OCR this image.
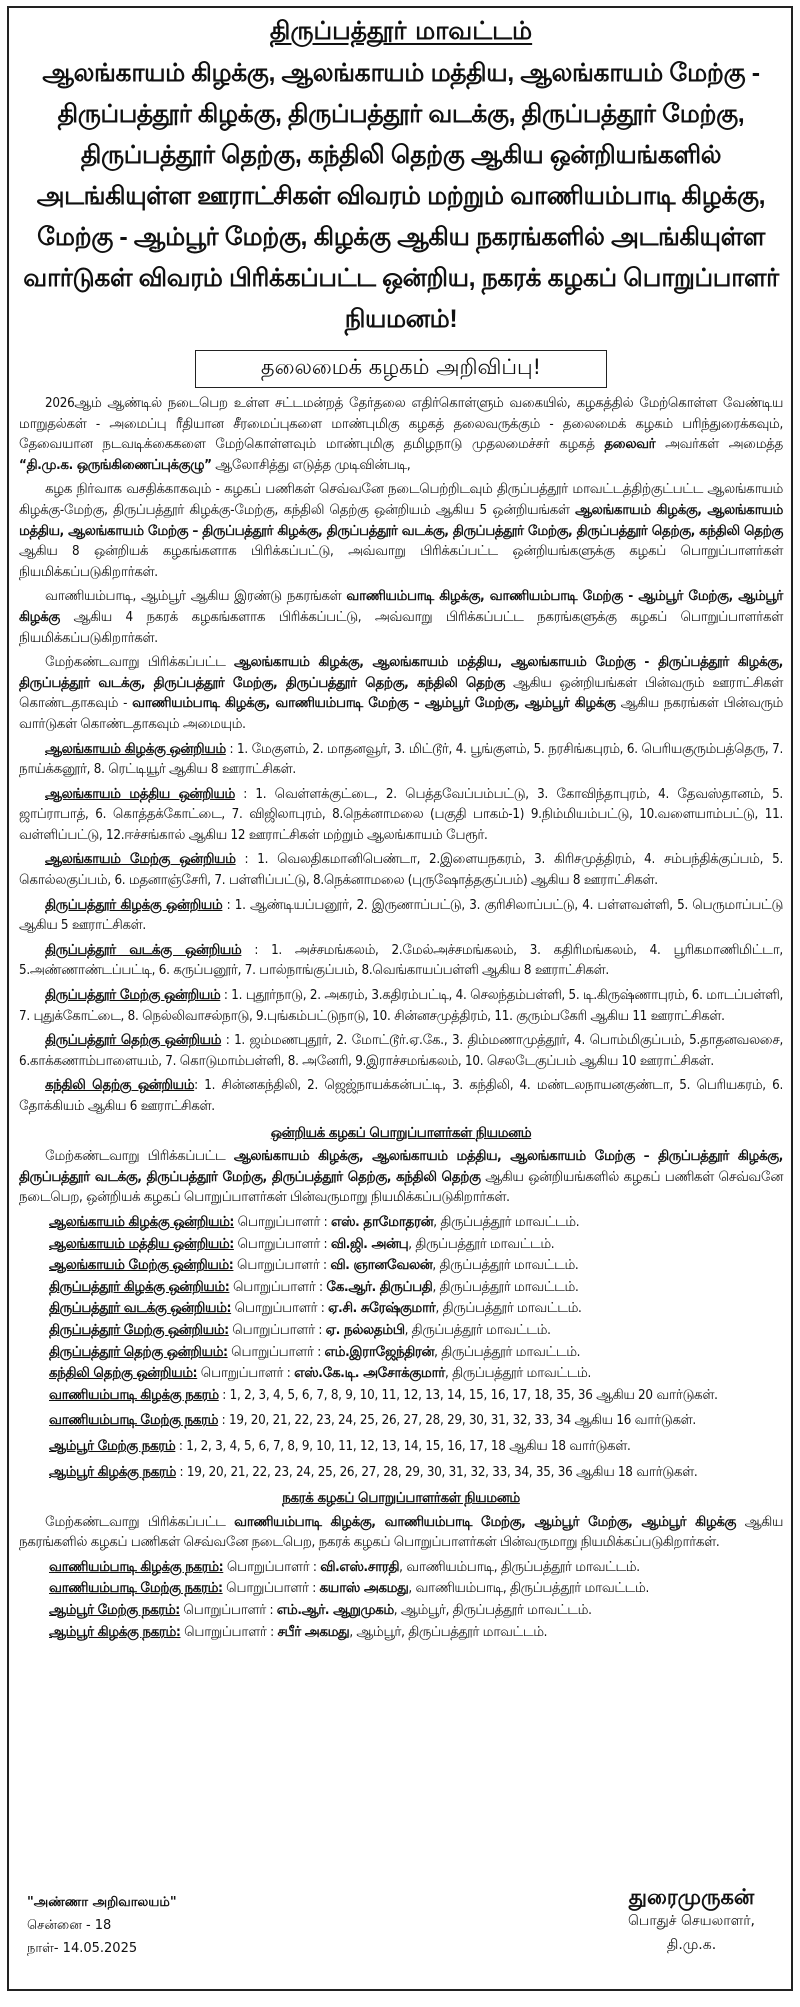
திருப்பத்தூர் மாவட்டம்
ஆலங்காயம் கிழக்கு, ஆலங்காயம் மத்திய, ஆலங்காயம் மேற்கு - திருப்பத்தூர் கிழக்கு, திருப்பத்தூர் வடக்கு, திருப்பத்தூர் மேற்கு, திருப்பத்தூர் தெற்கு, கந்திலி தெற்கு ஆகிய ஒன்றியங்களில் அடங்கியுள்ள ஊராட்சிகள் விவரம் மற்றும் வாணியம்பாடி கிழக்கு, மேற்கு - ஆம்பூர் மேற்கு, கிழக்கு ஆகிய நகரங்களில் அடங்கியுள்ள வார்டுகள் விவரம் பிரிக்கப்பட்ட ஒன்றிய, நகரக் கழகப் பொறுப்பாளர் நியமனம்!
தலைமைக் கழகம் அறிவிப்பு!

2026ஆம் ஆண்டில் நடைபெற உள்ள சட்டமன்றத் தேர்தலை எதிர்கொள்ளும் வகையில், கழகத்தில் மேற்கொள்ள வேண்டிய மாறுதல்கள் - அமைப்பு ரீதியான சீரமைப்புகளை மாண்புமிகு கழகத் தலைவருக்கும் - தலைமைக் கழகம் பரிந்துரைக்கவும், தேவையான நடவடிக்கைகளை மேற்கொள்ளவும் மாண்புமிகு தமிழநாடு முதலமைச்சர் கழகத் தலைவர் அவர்கள் அமைத்த “தி.மு.க. ஒருங்கிணைப்புக்குழு” ஆலோசித்து எடுத்த முடிவின்படி,

கழக நிர்வாக வசதிக்காகவும் - கழகப் பணிகள் செவ்வனே நடைபெற்றிடவும் திருப்பத்தூர் மாவட்டத்திற்குட்பட்ட ஆலங்காயம் கிழக்கு-மேற்கு, திருப்பத்தூர் கிழக்கு-மேற்கு, கந்திலி தெற்கு ஒன்றியம் ஆகிய 5 ஒன்றியங்கள் ஆலங்காயம் கிழக்கு, ஆலங்காயம் மத்திய, ஆலங்காயம் மேற்கு – திருப்பத்தூர் கிழக்கு, திருப்பத்தூர் வடக்கு, திருப்பத்தூர் மேற்கு, திருப்பத்தூர் தெற்கு, கந்திலி தெற்கு ஆகிய 8 ஒன்றியக் கழகங்களாக பிரிக்கப்பட்டு, அவ்வாறு பிரிக்கப்பட்ட ஒன்றியங்களுக்கு கழகப் பொறுப்பாளர்கள் நியமிக்கப்படுகிறார்கள்.

வாணியம்பாடி, ஆம்பூர் ஆகிய இரண்டு நகரங்கள் வாணியம்பாடி கிழக்கு, வாணியம்பாடி மேற்கு - ஆம்பூர் மேற்கு, ஆம்பூர் கிழக்கு ஆகிய 4 நகரக் கழகங்களாக பிரிக்கப்பட்டு, அவ்வாறு பிரிக்கப்பட்ட நகரங்களுக்கு கழகப் பொறுப்பாளர்கள் நியமிக்கப்படுகிறார்கள்.

மேற்கண்டவாறு பிரிக்கப்பட்ட ஆலங்காயம் கிழக்கு, ஆலங்காயம் மத்திய, ஆலங்காயம் மேற்கு - திருப்பத்தூர் கிழக்கு, திருப்பத்தூர் வடக்கு, திருப்பத்தூர் மேற்கு, திருப்பத்தூர் தெற்கு, கந்திலி தெற்கு ஆகிய ஒன்றியங்கள் பின்வரும் ஊராட்சிகள் கொண்டதாகவும் - வாணியம்பாடி கிழக்கு, வாணியம்பாடி மேற்கு – ஆம்பூர் மேற்கு, ஆம்பூர் கிழக்கு ஆகிய நகரங்கள் பின்வரும் வார்டுகள் கொண்டதாகவும் அமையும்.

ஆலங்காயம் கிழக்கு ஒன்றியம் : 1. மேகுளம், 2. மாதனவூர், 3. மிட்டூர், 4. பூங்குளம், 5. நரசிங்கபுரம், 6. பெரியகுரும்பத்தெரு, 7. நாய்க்கனூர், 8. ரெட்டியூர் ஆகிய 8 ஊராட்சிகள்.

ஆலங்காயம் மத்திய ஒன்றியம் : 1. வெள்ளக்குட்டை, 2. பெத்தவேப்பம்பட்டு, 3. கோவிந்தாபுரம், 4. தேவஸ்தானம், 5. ஜாப்ராபாத், 6. கொத்தக்கோட்டை, 7. விஜிலாபுரம், 8.நெக்னாமலை (பகுதி பாகம்-1) 9.நிம்மியம்பட்டு, 10.வளையாம்பட்டு, 11. வள்ளிப்பட்டு, 12.ஈச்சங்கால் ஆகிய 12 ஊராட்சிகள் மற்றும் ஆலங்காயம் பேரூர்.

ஆலங்காயம் மேற்கு ஒன்றியம் : 1. வெலதிகமானிபெண்டா, 2.இளையநகரம், 3. கிரிசமுத்திரம், 4. சம்பந்திக்குப்பம், 5. கொல்லகுப்பம், 6. மதனாஞ்சேரி, 7. பள்ளிப்பட்டு, 8.நெக்னாமலை (புருஷோத்தகுப்பம்) ஆகிய 8 ஊராட்சிகள்.

திருப்பத்தூர் கிழக்கு ஒன்றியம் : 1. ஆண்டியப்பனூர், 2. இருணாப்பட்டு, 3. குரிசிலாப்பட்டு, 4. பள்ளவள்ளி, 5. பெருமாப்பட்டு ஆகிய 5 ஊராட்சிகள்.

திருப்பத்தூர் வடக்கு ஒன்றியம் : 1. அச்சமங்கலம், 2.மேல்அச்சமங்கலம், 3. கதிரிமங்கலம், 4. பூரிகமாணிமிட்டா, 5.அண்ணாண்டப்பட்டி, 6. கருப்பனூர், 7. பால்நாங்குப்பம், 8.வெங்காயப்பள்ளி ஆகிய 8 ஊராட்சிகள்.

திருப்பத்தூர் மேற்கு ஒன்றியம் : 1. புதூர்நாடு, 2. அகரம், 3.கதிரம்பட்டி, 4. செலந்தம்பள்ளி, 5. டி.கிருஷ்ணாபுரம், 6. மாடப்பள்ளி, 7. புதுக்கோட்டை, 8. நெல்லிவாசல்நாடு, 9.புங்கம்பட்டுநாடு, 10. சின்னசமுத்திரம், 11. குரும்பகேரி ஆகிய 11 ஊராட்சிகள்.

திருப்பத்தூர் தெற்கு ஒன்றியம் : 1. ஜம்மணபுதூர், 2. மோட்டூர்.ஏ.கே., 3. திம்மணாமுத்தூர், 4. பொம்மிகுப்பம், 5.தாதனவலசை, 6.காக்கணாம்பாளையம், 7. கொடுமாம்பள்ளி, 8. அனேரி, 9.இராச்சமங்கலம், 10. செலடேகுப்பம் ஆகிய 10 ஊராட்சிகள்.

கந்திலி தெற்கு ஒன்றியம்: 1. சின்னகந்திலி, 2. ஜெஜ்நாயக்கன்பட்டி, 3. கந்திலி, 4. மண்டலநாயனகுண்டா, 5. பெரியகரம், 6. தோக்கியம் ஆகிய 6 ஊராட்சிகள்.

ஒன்றியக் கழகப் பொறுப்பாளர்கள் நியமனம்

மேற்கண்டவாறு பிரிக்கப்பட்ட ஆலங்காயம் கிழக்கு, ஆலங்காயம் மத்திய, ஆலங்காயம் மேற்கு – திருப்பத்தூர் கிழக்கு, திருப்பத்தூர் வடக்கு, திருப்பத்தூர் மேற்கு, திருப்பத்தூர் தெற்கு, கந்திலி தெற்கு ஆகிய ஒன்றியங்களில் கழகப் பணிகள் செவ்வனே நடைபெற, ஒன்றியக் கழகப் பொறுப்பாளர்கள் பின்வருமாறு நியமிக்கப்படுகிறார்கள்.

ஆலங்காயம் கிழக்கு ஒன்றியம்: பொறுப்பாளர் : எஸ். தாமோதரன், திருப்பத்தூர் மாவட்டம்.
ஆலங்காயம் மத்திய ஒன்றியம்: பொறுப்பாளர் : வி.ஜி. அன்பு, திருப்பத்தூர் மாவட்டம்.
ஆலங்காயம் மேற்கு ஒன்றியம்: பொறுப்பாளர் : வி. ஞானவேலன், திருப்பத்தூர் மாவட்டம்.
திருப்பத்தூர் கிழக்கு ஒன்றியம்: பொறுப்பாளர் : கே.ஆர். திருப்பதி, திருப்பத்தூர் மாவட்டம்.
திருப்பத்தூர் வடக்கு ஒன்றியம்: பொறுப்பாளர் : ஏ.சி. சுரேஷ்குமார், திருப்பத்தூர் மாவட்டம்.
திருப்பத்தூர் மேற்கு ஒன்றியம்: பொறுப்பாளர் : ஏ. நல்லதம்பி, திருப்பத்தூர் மாவட்டம்.
திருப்பத்தூர் தெற்கு ஒன்றியம்: பொறுப்பாளர் : எம்.இராஜேந்திரன், திருப்பத்தூர் மாவட்டம்.
கந்திலி தெற்கு ஒன்றியம்: பொறுப்பாளர் : எஸ்.கே.டி. அசோக்குமார், திருப்பத்தூர் மாவட்டம்.
வாணியம்பாடி கிழக்கு நகரம் : 1, 2, 3, 4, 5, 6, 7, 8, 9, 10, 11, 12, 13, 14, 15, 16, 17, 18, 35, 36 ஆகிய 20 வார்டுகள்.
வாணியம்பாடி மேற்கு நகரம் : 19, 20, 21, 22, 23, 24, 25, 26, 27, 28, 29, 30, 31, 32, 33, 34 ஆகிய 16 வார்டுகள்.
ஆம்பூர் மேற்கு நகரம் : 1, 2, 3, 4, 5, 6, 7, 8, 9, 10, 11, 12, 13, 14, 15, 16, 17, 18 ஆகிய 18 வார்டுகள்.
ஆம்பூர் கிழக்கு நகரம் : 19, 20, 21, 22, 23, 24, 25, 26, 27, 28, 29, 30, 31, 32, 33, 34, 35, 36 ஆகிய 18 வார்டுகள்.
நகரக் கழகப் பொறுப்பாளர்கள் நியமனம்

மேற்கண்டவாறு பிரிக்கப்பட்ட வாணியம்பாடி கிழக்கு, வாணியம்பாடி மேற்கு, ஆம்பூர் மேற்கு, ஆம்பூர் கிழக்கு ஆகிய நகரங்களில் கழகப் பணிகள் செவ்வனே நடைபெற, நகரக் கழகப் பொறுப்பாளர்கள் பின்வருமாறு நியமிக்கப்படுகிறார்கள்.

வாணியம்பாடி கிழக்கு நகரம்: பொறுப்பாளர் : வி.எஸ்.சாரதி, வாணியம்பாடி, திருப்பத்தூர் மாவட்டம்.
வாணியம்பாடி மேற்கு நகரம்: பொறுப்பாளர் : கயாஸ் அகமது, வாணியம்பாடி, திருப்பத்தூர் மாவட்டம்.
ஆம்பூர் மேற்கு நகரம்: பொறுப்பாளர் : எம்.ஆர். ஆறுமுகம், ஆம்பூர், திருப்பத்தூர் மாவட்டம்.
ஆம்பூர் கிழக்கு நகரம்: பொறுப்பாளர் : சபீர் அகமது, ஆம்பூர், திருப்பத்தூர் மாவட்டம்.
"அண்ணா அறிவாலயம்"
சென்னை - 18
நாள்- 14.05.2025
துரைமுருகன்
பொதுச் செயலாளர்,
தி.மு.க.
